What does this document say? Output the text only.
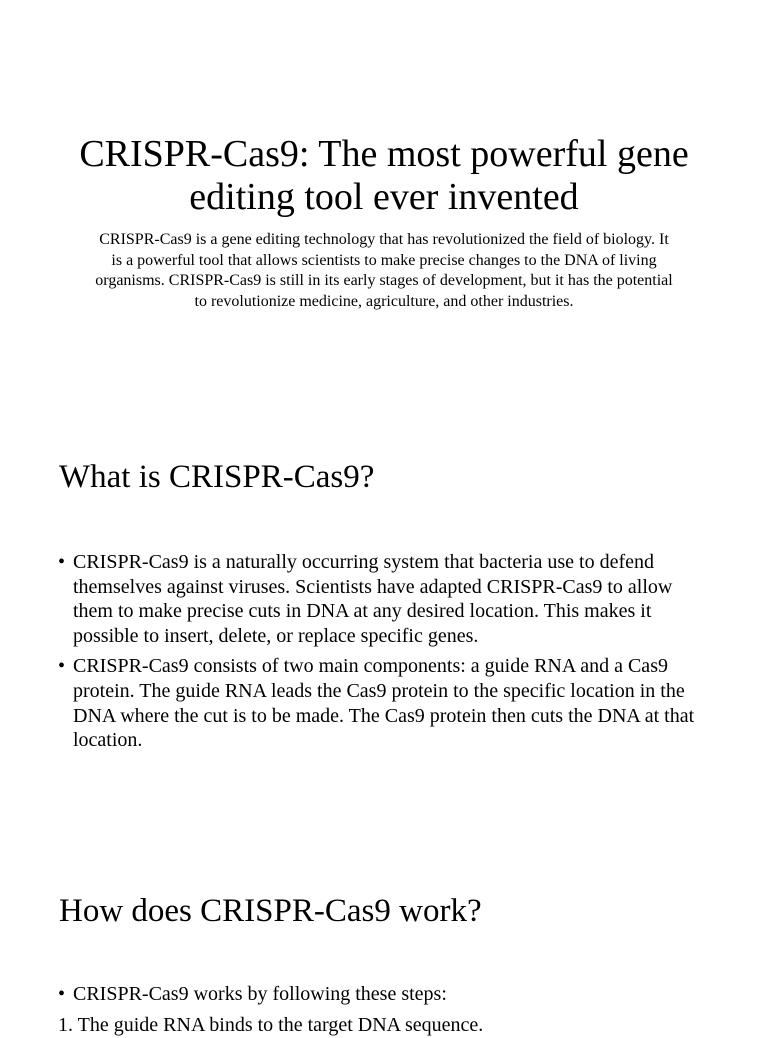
CRISPR-Cas9: The most powerful gene editing tool ever invented

CRISPR-Cas9 is a gene editing technology that has revolutionized the field of biology. It is a powerful tool that allows scientists to make precise changes to the DNA of living organisms. CRISPR-Cas9 is still in its early stages of development, but it has the potential to revolutionize medicine, agriculture, and other industries.

What is CRISPR-Cas9?
• CRISPR-Cas9 is a naturally occurring system that bacteria use to defend themselves against viruses. Scientists have adapted CRISPR-Cas9 to allow them to make precise cuts in DNA at any desired location. This makes it possible to insert, delete, or replace specific genes.
• CRISPR-Cas9 consists of two main components: a guide RNA and a Cas9 protein. The guide RNA leads the Cas9 protein to the specific location in the DNA where the cut is to be made. The Cas9 protein then cuts the DNA at that location.
How does CRISPR-Cas9 work?
• CRISPR-Cas9 works by following these steps:
1. The guide RNA binds to the target DNA sequence.
